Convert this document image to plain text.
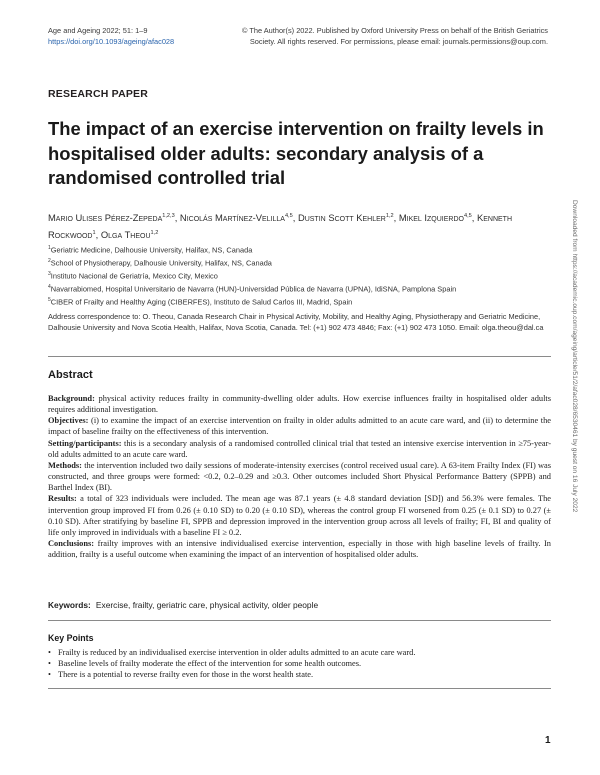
Age and Ageing 2022; 51: 1–9
https://doi.org/10.1093/ageing/afac028
© The Author(s) 2022. Published by Oxford University Press on behalf of the British Geriatrics
Society. All rights reserved. For permissions, please email: journals.permissions@oup.com.
RESEARCH PAPER
The impact of an exercise intervention on frailty levels in hospitalised older adults: secondary analysis of a randomised controlled trial
Mario Ulises Pérez-Zepeda$^{1,2,3}$, Nicolás Martínez-Velilla$^{4,5}$, Dustin Scott Kehler$^{1,2}$, Mikel Izquierdo$^{4,5}$, Kenneth Rockwood$^1$, Olga Theou$^{1,2}$
$^1$Geriatric Medicine, Dalhousie University, Halifax, NS, Canada
$^2$School of Physiotherapy, Dalhousie University, Halifax, NS, Canada
$^3$Instituto Nacional de Geriatría, Mexico City, Mexico
$^4$Navarrabiomed, Hospital Universitario de Navarra (HUN)-Universidad Pública de Navarra (UPNA), IdiSNA, Pamplona Spain
$^5$CIBER of Frailty and Healthy Aging (CIBERFES), Instituto de Salud Carlos III, Madrid, Spain
Address correspondence to: O. Theou, Canada Research Chair in Physical Activity, Mobility, and Healthy Aging, Physiotherapy and Geriatric Medicine, Dalhousie University and Nova Scotia Health, Halifax, Nova Scotia, Canada. Tel: (+1) 902 473 4846; Fax: (+1) 902 473 1050. Email: olga.theou@dal.ca
Abstract

Background: physical activity reduces frailty in community-dwelling older adults. How exercise influences frailty in hospitalised older adults requires additional investigation.

Objectives: (i) to examine the impact of an exercise intervention on frailty in older adults admitted to an acute care ward, and (ii) to determine the impact of baseline frailty on the effectiveness of this intervention.

Setting/participants: this is a secondary analysis of a randomised controlled clinical trial that tested an intensive exercise intervention in ≥75-year-old adults admitted to an acute care ward.

Methods: the intervention included two daily sessions of moderate-intensity exercises (control received usual care). A 63-item Frailty Index (FI) was constructed, and three groups were formed: <0.2, 0.2–0.29 and ≥0.3. Other outcomes included Short Physical Performance Battery (SPPB) and Barthel Index (BI).

Results: a total of 323 individuals were included. The mean age was 87.1 years (± 4.8 standard deviation [SD]) and 56.3% were females. The intervention group improved FI from 0.26 (± 0.10 SD) to 0.20 (± 0.10 SD), whereas the control group FI worsened from 0.25 (± 0.1 SD) to 0.27 (± 0.10 SD). After stratifying by baseline FI, SPPB and depression improved in the intervention group across all levels of frailty; FI, BI and quality of life only improved in individuals with a baseline FI ≥ 0.2.

Conclusions: frailty improves with an intensive individualised exercise intervention, especially in those with high baseline levels of frailty. In addition, frailty is a useful outcome when examining the impact of an intervention of hospitalised older adults.

Keywords: Exercise, frailty, geriatric care, physical activity, older people
Key Points
• Frailty is reduced by an individualised exercise intervention in older adults admitted to an acute care ward.
• Baseline levels of frailty moderate the effect of the intervention for some health outcomes.
• There is a potential to reverse frailty even for those in the worst health state.
1
Downloaded from https://academic.oup.com/ageing/article/51/2/afac028/6530461 by guest on 16 July 2022
